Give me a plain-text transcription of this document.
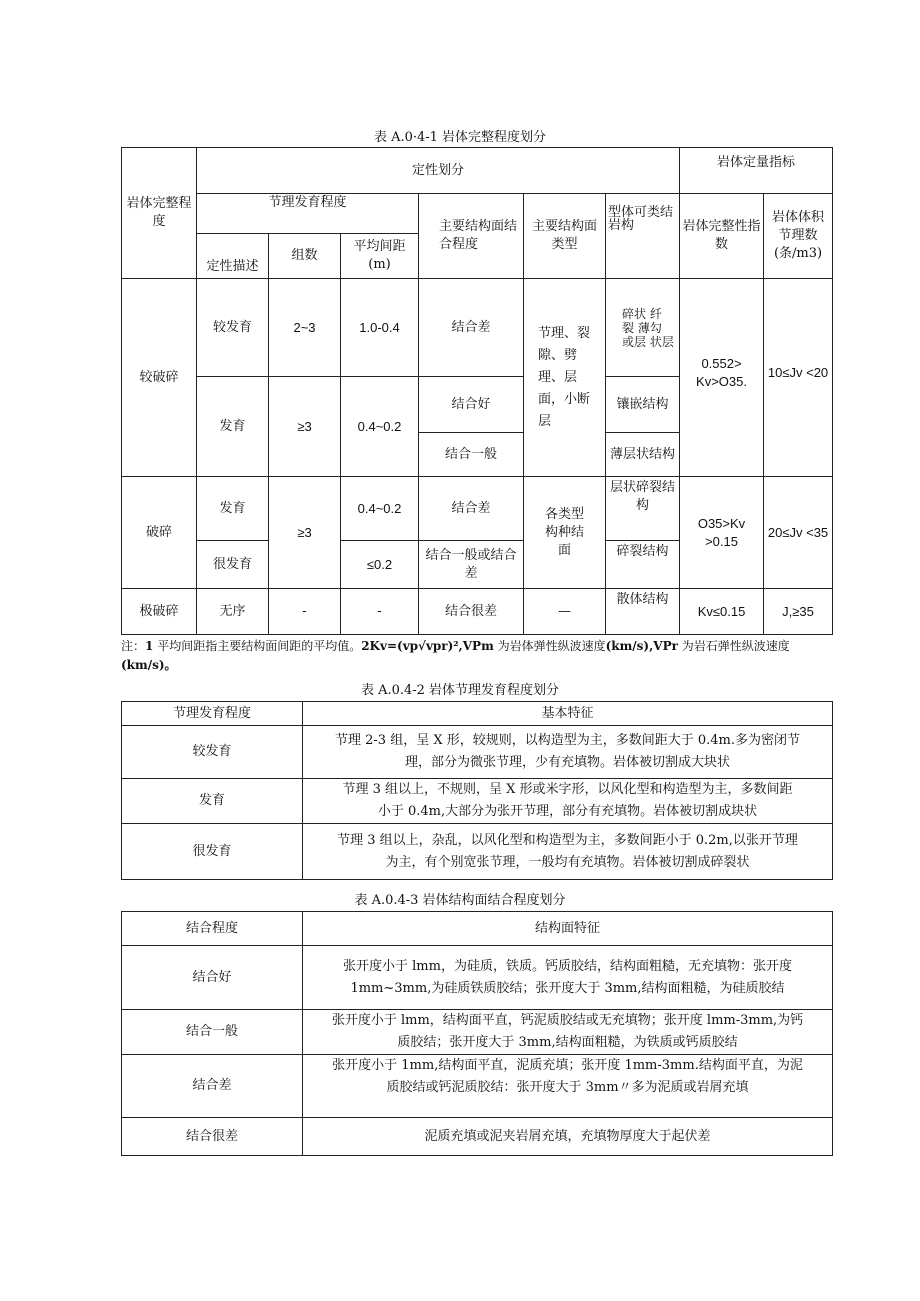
表 A.0·4-1 岩体完整程度划分
岩体完整程度	定性划分						岩体定量指标	
	节理发育程度			主要结构面结合程度	主要结构面类型	型体可类结岩构	岩体完整性指数	岩体体积节理数(条/m3)
	定性描述	组数	平均间距(m)					
较破碎	较发育	2~3	1.0-0.4	结合差	节理、裂隙、劈理、层面，小断层	碎状 纤 裂 薄勾 或层 状层	0.552> Kv>O35.	10≤Jv <20
	发育	≥3	0.4~0.2	结合好		镶嵌结构		
				结合一般		薄层状结构		
破碎	发育	≥3	0.4~0.2	结合差	各类型构种结面	层状碎裂结构	O35>Kv >0.15	20≤Jv <35
	很发育		≤0.2	结合一般或结合差		碎裂结构		
极破碎	无序	-	-	结合很差	—	散体结构	Kv≤0.15	J,≥35
注：1 平均间距指主要结构面间距的平均值。2Kv=(vp√vpr)²,VPm 为岩体弹性纵波速度(km/s),VPr 为岩石弹性纵波速度(km/s)。
表 A.0.4-2 岩体节理发育程度划分
节理发育程度	基本特征
较发育	节理 2-3 组，呈 X 形，较规则，以构造型为主，多数间距大于 0.4m.多为密闭节
理，部分为微张节理，少有充填物。岩体被切割成大块状

发育	节理 3 组以上，不规则，呈 X 形或米字形，以风化型和构造型为主，多数间距
小于 0.4m,大部分为张开节理，部分有充填物。岩体被切割成块状

很发育	节理 3 组以上，杂乱，以风化型和构造型为主，多数间距小于 0.2m,以张开节理
为主，有个别宽张节理，一般均有充填物。岩体被切割成碎裂状
表 A.0.4-3 岩体结构面结合程度划分
结合程度	结构面特征
结合好	张开度小于 lmm，为硅质，铁质。钙质胶结，结构面粗糙，无充填物：张开度
1mm~3mm,为硅质铁质胶结；张开度大于 3mm,结构面粗糙，为硅质胶结

结合一般	张开度小于 lmm，结构面平直，钙泥质胶结或无充填物；张开度 lmm-3mm,为钙
质胶结；张开度大于 3mm,结构面粗糙，为铁质或钙质胶结

结合差	张开度小于 1mm,结构面平直，泥质充填；张开度 1mm-3mm.结构面平直，为泥
质胶结或钙泥质胶结：张开度大于 3mm〃多为泥质或岩屑充填

结合很差	泥质充填或泥夹岩屑充填，充填物厚度大于起伏差
